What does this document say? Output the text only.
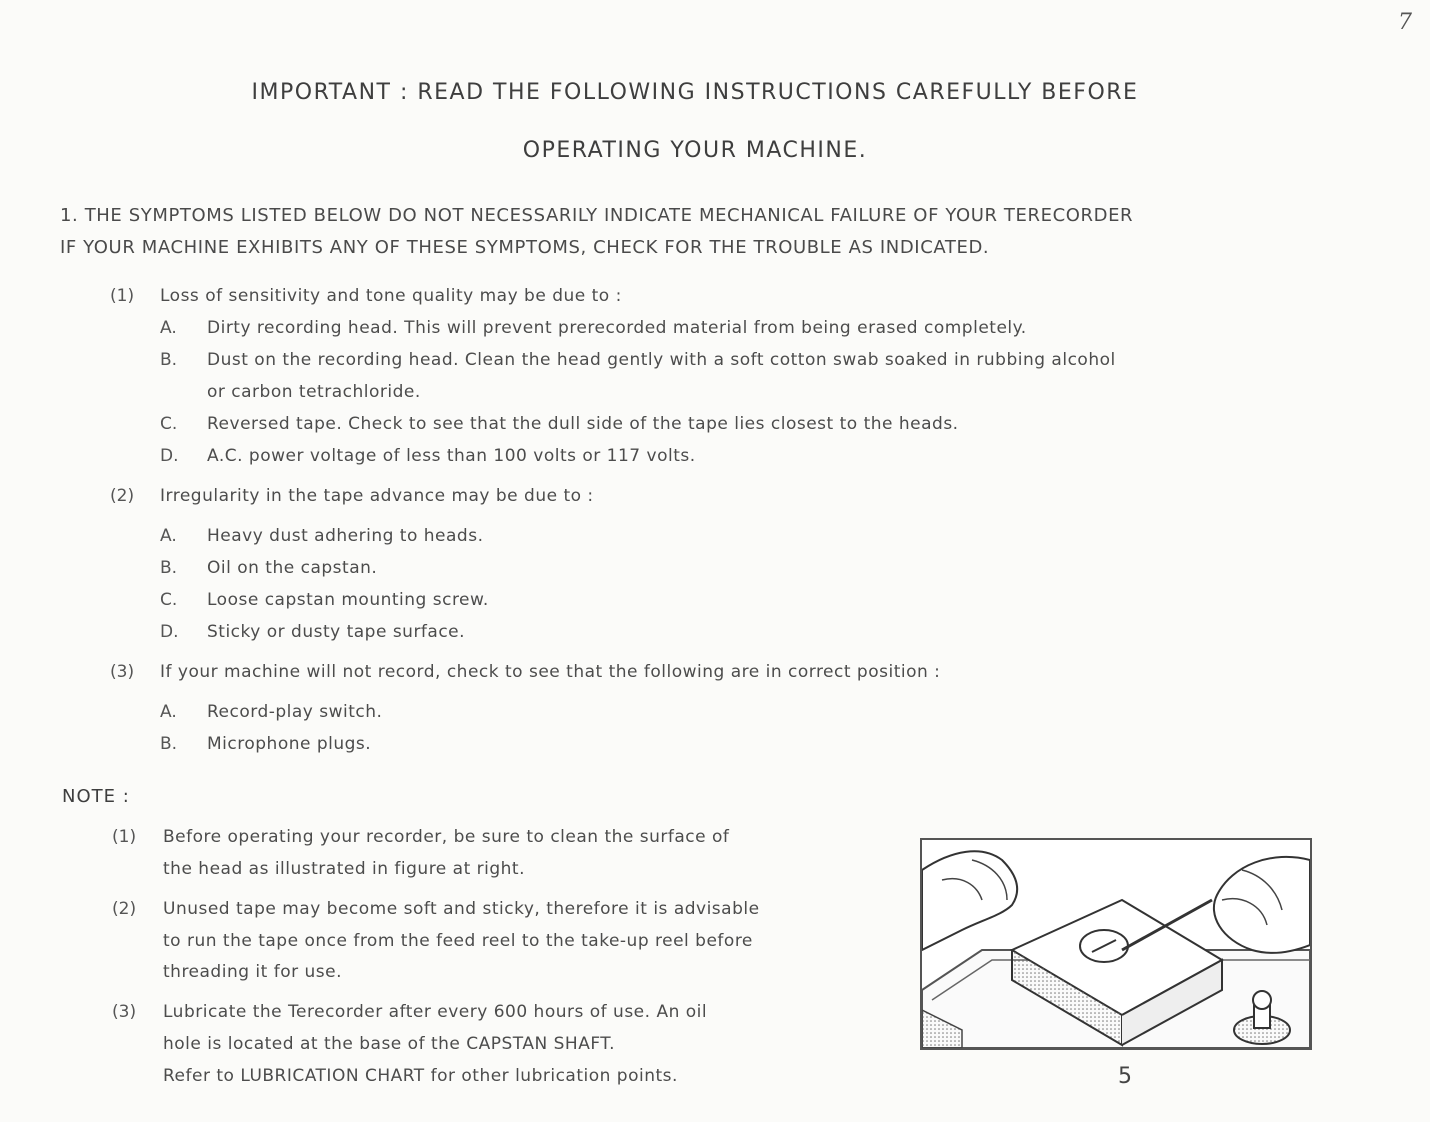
7
IMPORTANT : READ THE FOLLOWING INSTRUCTIONS CAREFULLY BEFORE
OPERATING YOUR MACHINE.
1. THE SYMPTOMS LISTED BELOW DO NOT NECESSARILY INDICATE MECHANICAL FAILURE OF YOUR TERECORDER
IF YOUR MACHINE EXHIBITS ANY OF THESE SYMPTOMS, CHECK FOR THE TROUBLE AS INDICATED.
(1) Loss of sensitivity and tone quality may be due to :
A. Dirty recording head. This will prevent prerecorded material from being erased completely.
B. Dust on the recording head. Clean the head gently with a soft cotton swab soaked in rubbing alcohol
or carbon tetrachloride.
C. Reversed tape. Check to see that the dull side of the tape lies closest to the heads.
D. A.C. power voltage of less than 100 volts or 117 volts.
(2) Irregularity in the tape advance may be due to :
A. Heavy dust adhering to heads.
B. Oil on the capstan.
C. Loose capstan mounting screw.
D. Sticky or dusty tape surface.
(3) If your machine will not record, check to see that the following are in correct position :
A. Record-play switch.
B. Microphone plugs.
NOTE :
(1) Before operating your recorder, be sure to clean the surface of
the head as illustrated in figure at right.
(2) Unused tape may become soft and sticky, therefore it is advisable
to run the tape once from the feed reel to the take-up reel before
threading it for use.
(3) Lubricate the Terecorder after every 600 hours of use. An oil
hole is located at the base of the CAPSTAN SHAFT.
Refer to LUBRICATION CHART for other lubrication points.	5
